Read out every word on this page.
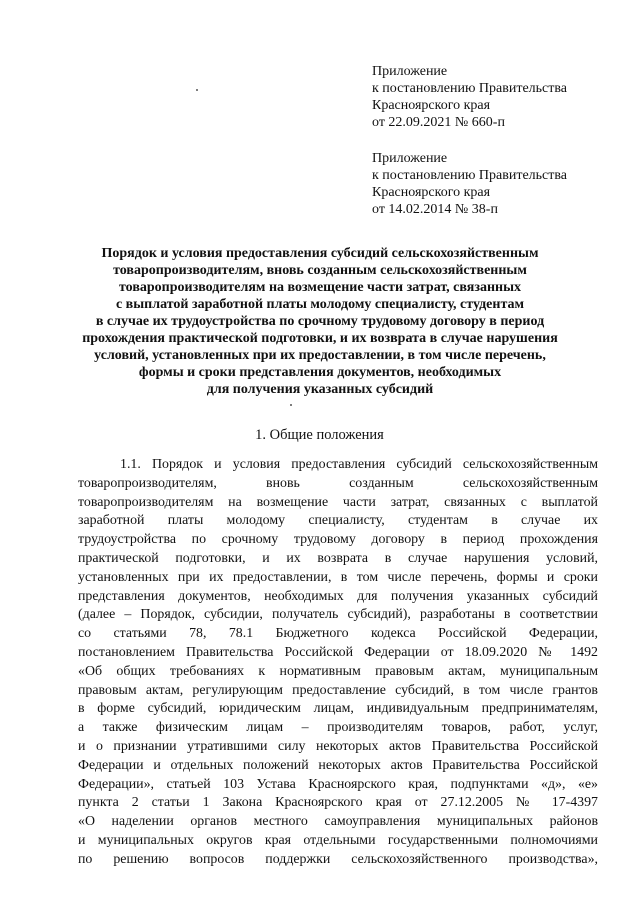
Приложение
к постановлению Правительства
Красноярского края
от 22.09.2021 № 660-п
Приложение
к постановлению Правительства
Красноярского края
от 14.02.2014 № 38-п
Порядок и условия предоставления субсидий сельскохозяйственным
товаропроизводителям, вновь созданным сельскохозяйственным
товаропроизводителям на возмещение части затрат, связанных
с выплатой заработной платы молодому специалисту, студентам
в случае их трудоустройства по срочному трудовому договору в период
прохождения практической подготовки, и их возврата в случае нарушения
условий, установленных при их предоставлении, в том числе перечень,
формы и сроки представления документов, необходимых
для получения указанных субсидий
1. Общие положения
1.1. Порядок и условия предоставления субсидий сельскохозяйственным
товаропроизводителям, вновь созданным сельскохозяйственным
товаропроизводителям на возмещение части затрат, связанных с выплатой
заработной платы молодому специалисту, студентам в случае их
трудоустройства по срочному трудовому договору в период прохождения
практической подготовки, и их возврата в случае нарушения условий,
установленных при их предоставлении, в том числе перечень, формы и сроки
представления документов, необходимых для получения указанных субсидий
(далее – Порядок, субсидии, получатель субсидий), разработаны в соответствии
со статьями 78, 78.1 Бюджетного кодекса Российской Федерации,
постановлением Правительства Российской Федерации от 18.09.2020 № 1492
«Об общих требованиях к нормативным правовым актам, муниципальным
правовым актам, регулирующим предоставление субсидий, в том числе грантов
в форме субсидий, юридическим лицам, индивидуальным предпринимателям,
а также физическим лицам – производителям товаров, работ, услуг,
и о признании утратившими силу некоторых актов Правительства Российской
Федерации и отдельных положений некоторых актов Правительства Российской
Федерации», статьей 103 Устава Красноярского края, подпунктами «д», «е»
пункта 2 статьи 1 Закона Красноярского края от 27.12.2005 № 17-4397
«О наделении органов местного самоуправления муниципальных районов
и муниципальных округов края отдельными государственными полномочиями
по решению вопросов поддержки сельскохозяйственного производства»,
